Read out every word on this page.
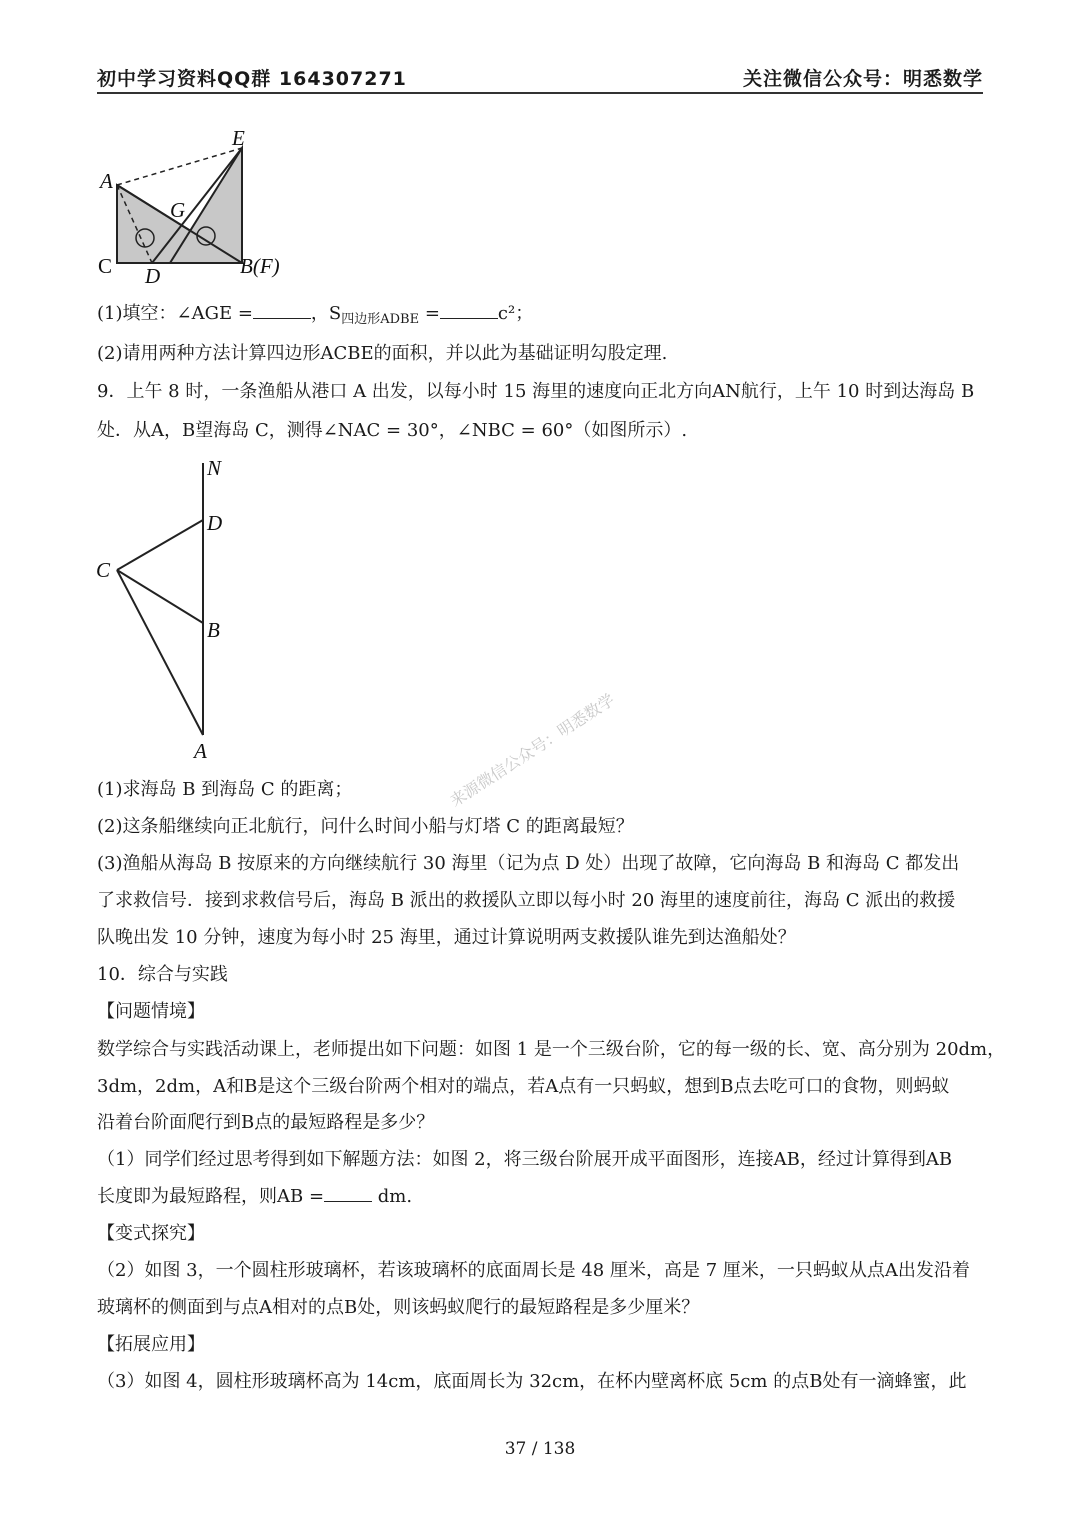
初中学习资料QQ群 164307271	关注微信公众号：明悉数学
A
C D
G
E
B(F)
(1)填空：∠AGE =	，$S_{四边形ADBE}$ =	c²；
(2)请用两种方法计算四边形ACBE的面积，并以此为基础证明勾股定理.
9．上午 8 时，一条渔船从港口 A 出发，以每小时 15 海里的速度向正北方向AN航行，上午 10 时到达海岛 B
处．从A，B望海岛 C，测得∠NAC = 30°，∠NBC = 60°（如图所示）.
N
D
C
B
A	来源微信公众号：明悉数学
(1)求海岛 B 到海岛 C 的距离；
(2)这条船继续向正北航行，问什么时间小船与灯塔 C 的距离最短？
(3)渔船从海岛 B 按原来的方向继续航行 30 海里（记为点 D 处）出现了故障，它向海岛 B 和海岛 C 都发出
了求救信号．接到求救信号后，海岛 B 派出的救援队立即以每小时 20 海里的速度前往，海岛 C 派出的救援
队晚出发 10 分钟，速度为每小时 25 海里，通过计算说明两支救援队谁先到达渔船处？
10．综合与实践
【问题情境】
数学综合与实践活动课上，老师提出如下问题：如图 1 是一个三级台阶，它的每一级的长、宽、高分别为 20dm，
3dm，2dm，A和B是这个三级台阶两个相对的端点，若A点有一只蚂蚁，想到B点去吃可口的食物，则蚂蚁
沿着台阶面爬行到B点的最短路程是多少？
（1）同学们经过思考得到如下解题方法：如图 2，将三级台阶展开成平面图形，连接AB，经过计算得到AB
长度即为最短路程，则AB =	dm.
【变式探究】
（2）如图 3，一个圆柱形玻璃杯，若该玻璃杯的底面周长是 48 厘米，高是 7 厘米，一只蚂蚁从点A出发沿着
玻璃杯的侧面到与点A相对的点B处，则该蚂蚁爬行的最短路程是多少厘米？
【拓展应用】
（3）如图 4，圆柱形玻璃杯高为 14cm，底面周长为 32cm，在杯内壁离杯底 5cm 的点B处有一滴蜂蜜，此
37 / 138
